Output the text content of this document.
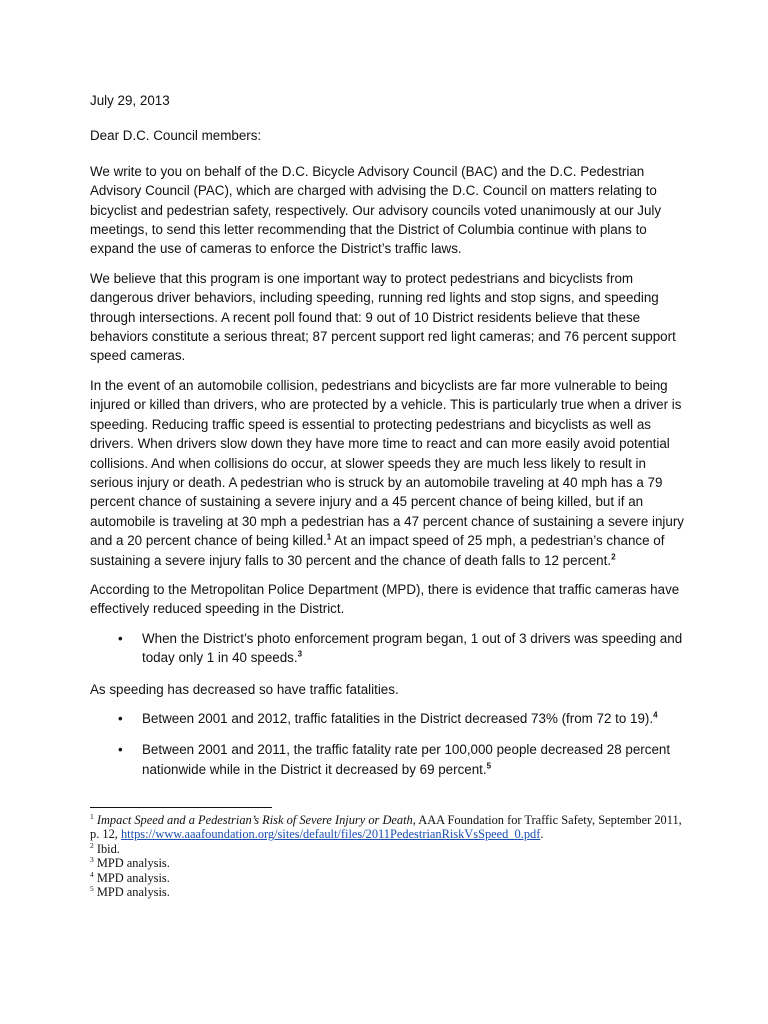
July 29, 2013

Dear D.C. Council members:

We write to you on behalf of the D.C. Bicycle Advisory Council (BAC) and the D.C. Pedestrian Advisory Council (PAC), which are charged with advising the D.C. Council on matters relating to bicyclist and pedestrian safety, respectively. Our advisory councils voted unanimously at our July meetings, to send this letter recommending that the District of Columbia continue with plans to expand the use of cameras to enforce the District’s traffic laws.

We believe that this program is one important way to protect pedestrians and bicyclists from dangerous driver behaviors, including speeding, running red lights and stop signs, and speeding through intersections. A recent poll found that: 9 out of 10 District residents believe that these behaviors constitute a serious threat; 87 percent support red light cameras; and 76 percent support speed cameras.

In the event of an automobile collision, pedestrians and bicyclists are far more vulnerable to being injured or killed than drivers, who are protected by a vehicle. This is particularly true when a driver is speeding. Reducing traffic speed is essential to protecting pedestrians and bicyclists as well as drivers. When drivers slow down they have more time to react and can more easily avoid potential collisions. And when collisions do occur, at slower speeds they are much less likely to result in serious injury or death. A pedestrian who is struck by an automobile traveling at 40 mph has a 79 percent chance of sustaining a severe injury and a 45 percent chance of being killed, but if an automobile is traveling at 30 mph a pedestrian has a 47 percent chance of sustaining a severe injury and a 20 percent chance of being killed.$^1$ At an impact speed of 25 mph, a pedestrian’s chance of sustaining a severe injury falls to 30 percent and the chance of death falls to 12 percent.$^2$

According to the Metropolitan Police Department (MPD), there is evidence that traffic cameras have effectively reduced speeding in the District.

• When the District’s photo enforcement program began, 1 out of 3 drivers was speeding and today only 1 in 40 speeds.$^3$

As speeding has decreased so have traffic fatalities.

• Between 2001 and 2012, traffic fatalities in the District decreased 73% (from 72 to 19).$^4$
• Between 2001 and 2011, the traffic fatality rate per 100,000 people decreased 28 percent nationwide while in the District it decreased by 69 percent.$^5$

$^1$ Impact Speed and a Pedestrian’s Risk of Severe Injury or Death, AAA Foundation for Traffic Safety, September 2011, p. 12, https://www.aaafoundation.org/sites/default/files/2011PedestrianRiskVsSpeed_0.pdf.

$^2$ Ibid.

$^3$ MPD analysis.

$^4$ MPD analysis.

$^5$ MPD analysis.
